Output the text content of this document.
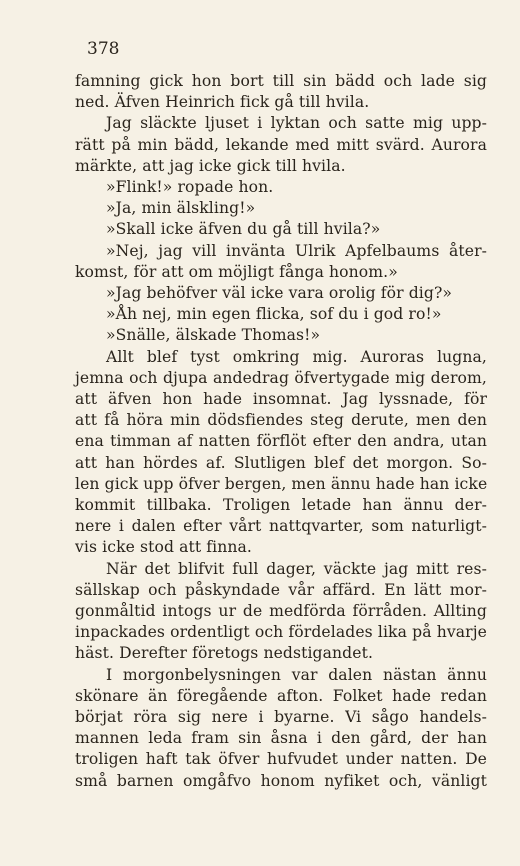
378

famning gick hon bort till sin bädd och lade sig

ned. Äfven Heinrich fick gå till hvila.

Jag släckte ljuset i lyktan och satte mig upp-

rätt på min bädd, lekande med mitt svärd. Aurora

märkte, att jag icke gick till hvila.

»Flink!» ropade hon.

»Ja, min älskling!»

»Skall icke äfven du gå till hvila?»

»Nej, jag vill invänta Ulrik Apfelbaums åter-

komst, för att om möjligt fånga honom.»

»Jag behöfver väl icke vara orolig för dig?»

»Åh nej, min egen flicka, sof du i god ro!»

»Snälle, älskade Thomas!»

Allt blef tyst omkring mig. Auroras lugna,

jemna och djupa andedrag öfvertygade mig derom,

att äfven hon hade insomnat. Jag lyssnade, för

att få höra min dödsfiendes steg derute, men den

ena timman af natten förflöt efter den andra, utan

att han hördes af. Slutligen blef det morgon. So-

len gick upp öfver bergen, men ännu hade han icke

kommit tillbaka. Troligen letade han ännu der-

nere i dalen efter vårt nattqvarter, som naturligt-

vis icke stod att finna.

När det blifvit full dager, väckte jag mitt res-

sällskap och påskyndade vår affärd. En lätt mor-

gonmåltid intogs ur de medförda förråden. Allting

inpackades ordentligt och fördelades lika på hvarje

häst. Derefter företogs nedstigandet.

I morgonbelysningen var dalen nästan ännu

skönare än föregående afton. Folket hade redan

börjat röra sig nere i byarne. Vi sågo handels-

mannen leda fram sin åsna i den gård, der han

troligen haft tak öfver hufvudet under natten. De

små barnen omgåfvo honom nyfiket och, vänligt
